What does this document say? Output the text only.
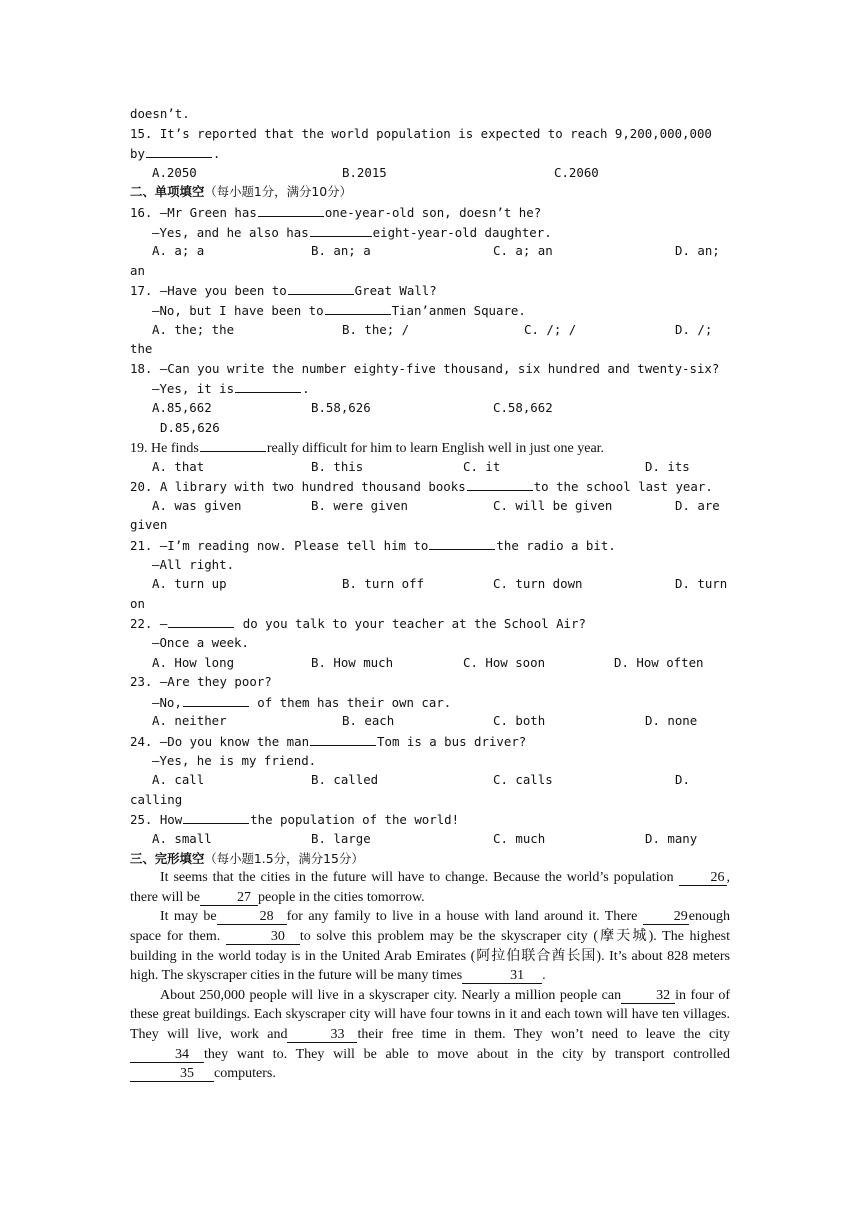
doesn’t.
15. It’s reported that the world population is expected to reach 9,200,000,000
by	.
A.2050	B.2015	C.2060
二、单项填空（每小题1分，满分10分）
16. —Mr Green has	one-year-old son, doesn’t he?
—Yes, and he also has	eight-year-old daughter.
A. a; a	B. an; a	C. a; an	D. an;
an
17. —Have you been to	Great Wall?
—No, but I have been to	Tian’anmen Square.
A. the; the	B. the; /	C. /; /	D. /;
the
18. —Can you write the number eighty-five thousand, six hundred and twenty-six?
—Yes, it is	.
A.85,662	B.58,626	C.58,662
D.85,626
19. He finds	really difficult for him to learn English well in just one year.
A. that	B. this	C. it	D. its
20. A library with two hundred thousand books	to the school last year.
A. was given	B. were given	C. will be given	D. are
given
21. —I’m reading now. Please tell him to	the radio a bit.
—All right.
A. turn up	B. turn off	C. turn down	D. turn
on
22. —	do you talk to your teacher at the School Air?
—Once a week.
A. How long	B. How much	C. How soon	D. How often
23. —Are they poor?
—No,	of them has their own car.
A. neither	B. each	C. both	D. none
24. —Do you know the man	Tom is a bus driver?
—Yes, he is my friend.
A. call	B. called	C. calls	D.
calling
25. How	the population of the world!
A. small	B. large	C. much	D. many
三、完形填空（每小题1.5分，满分15分）

It seems that the cities in the future will have to change. Because the world’s population	26 , there will be	27 people in the cities tomorrow.

It may be	28 for any family to live in a house with land around it. There	29enough space for them.	30 to solve this problem may be the skyscraper city (摩天城). The highest building in the world today is in the United Arab Emirates (阿拉伯联合酋长国). It’s about 828 meters high. The skyscraper cities in the future will be many times	31 .

About 250,000 people will live in a skyscraper city. Nearly a million people can	32 in four of these great buildings. Each skyscraper city will have four towns in it and each town will have ten villages. They will live, work and	33 their free time in them. They won’t need to leave the city34 they want to. They will be able to move about in the city by transport controlled35 computers.
